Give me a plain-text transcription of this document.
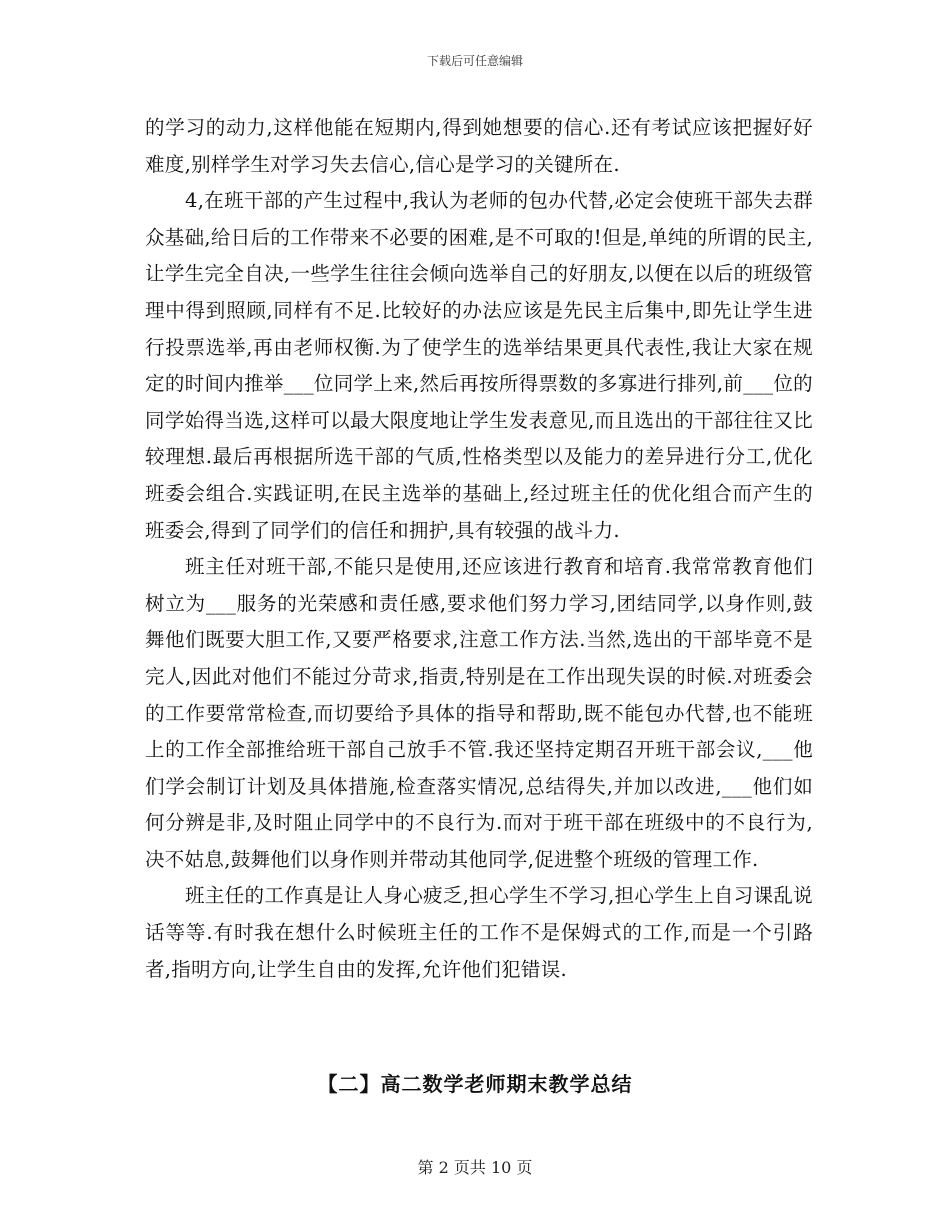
下载后可任意编辑

的学习的动力,这样他能在短期内,得到她想要的信心.还有考试应该把握好好难度,别样学生对学习失去信心,信心是学习的关键所在.

4,在班干部的产生过程中,我认为老师的包办代替,必定会使班干部失去群众基础,给日后的工作带来不必要的困难,是不可取的!但是,单纯的所谓的民主,让学生完全自决,一些学生往往会倾向选举自己的好朋友,以便在以后的班级管理中得到照顾,同样有不足.比较好的办法应该是先民主后集中,即先让学生进行投票选举,再由老师权衡.为了使学生的选举结果更具代表性,我让大家在规定的时间内推举___位同学上来,然后再按所得票数的多寡进行排列,前___位的同学始得当选,这样可以最大限度地让学生发表意见,而且选出的干部往往又比较理想.最后再根据所选干部的气质,性格类型以及能力的差异进行分工,优化班委会组合.实践证明,在民主选举的基础上,经过班主任的优化组合而产生的班委会,得到了同学们的信任和拥护,具有较强的战斗力.

班主任对班干部,不能只是使用,还应该进行教育和培育.我常常教育他们树立为___服务的光荣感和责任感,要求他们努力学习,团结同学,以身作则,鼓舞他们既要大胆工作,又要严格要求,注意工作方法.当然,选出的干部毕竟不是完人,因此对他们不能过分苛求,指责,特别是在工作出现失误的时候.对班委会的工作要常常检查,而切要给予具体的指导和帮助,既不能包办代替,也不能班上的工作全部推给班干部自己放手不管.我还坚持定期召开班干部会议,___他们学会制订计划及具体措施,检查落实情况,总结得失,并加以改进,___他们如何分辨是非,及时阻止同学中的不良行为.而对于班干部在班级中的不良行为,决不姑息,鼓舞他们以身作则并带动其他同学,促进整个班级的管理工作.

班主任的工作真是让人身心疲乏,担心学生不学习,担心学生上自习课乱说话等等.有时我在想什么时候班主任的工作不是保姆式的工作,而是一个引路者,指明方向,让学生自由的发挥,允许他们犯错误.

【二】高二数学老师期末教学总结
第 2 页共 10 页
